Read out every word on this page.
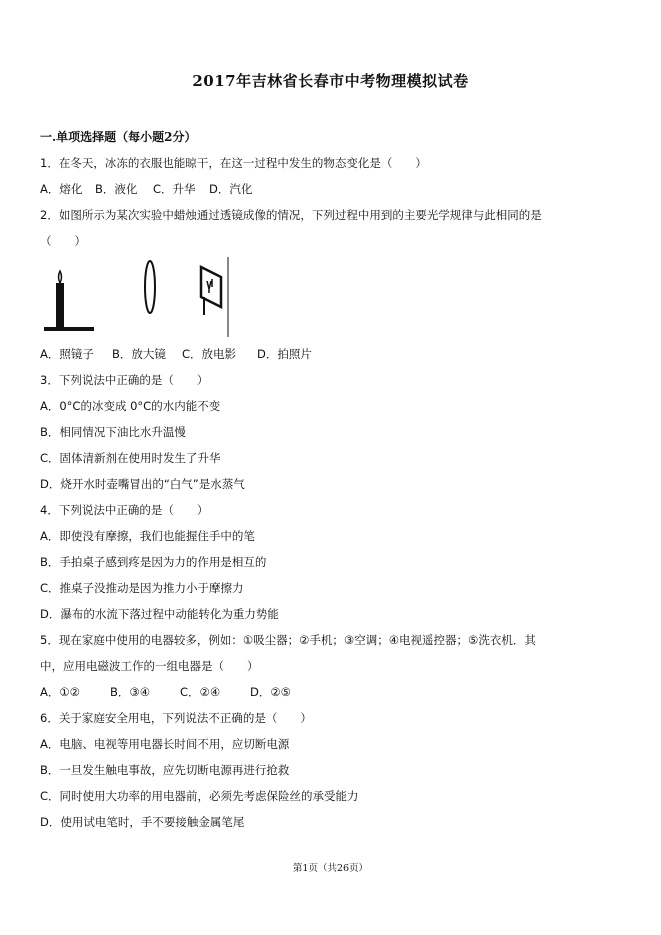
2017年吉林省长春市中考物理模拟试卷
一.单项选择题（每小题2分）
1．在冬天，冰冻的衣服也能晾干，在这一过程中发生的物态变化是（　　）
A．熔化 B．液化 C．升华 D．汽化
2．如图所示为某次实验中蜡烛通过透镜成像的情况，下列过程中用到的主要光学规律与此相同的是
（　　）
A．照镜子 B．放大镜 C．放电影 D．拍照片
3．下列说法中正确的是（　　）
A．0°C的冰变成 0°C的水内能不变
B．相同情况下油比水升温慢
C．固体清新剂在使用时发生了升华
D．烧开水时壶嘴冒出的“白气”是水蒸气
4．下列说法中正确的是（　　）
A．即使没有摩擦，我们也能握住手中的笔
B．手拍桌子感到疼是因为力的作用是相互的
C．推桌子没推动是因为推力小于摩擦力
D．瀑布的水流下落过程中动能转化为重力势能
5．现在家庭中使用的电器较多，例如：①吸尘器；②手机；③空调；④电视遥控器；⑤洗衣机．其
中，应用电磁波工作的一组电器是（　　）
A．①②	B．③④	C．②④	D．②⑤
6．关于家庭安全用电，下列说法不正确的是（　　）
A．电脑、电视等用电器长时间不用，应切断电源
B．一旦发生触电事故，应先切断电源再进行抢救
C．同时使用大功率的用电器前，必须先考虑保险丝的承受能力
D．使用试电笔时，手不要接触金属笔尾
第1页（共26页）
